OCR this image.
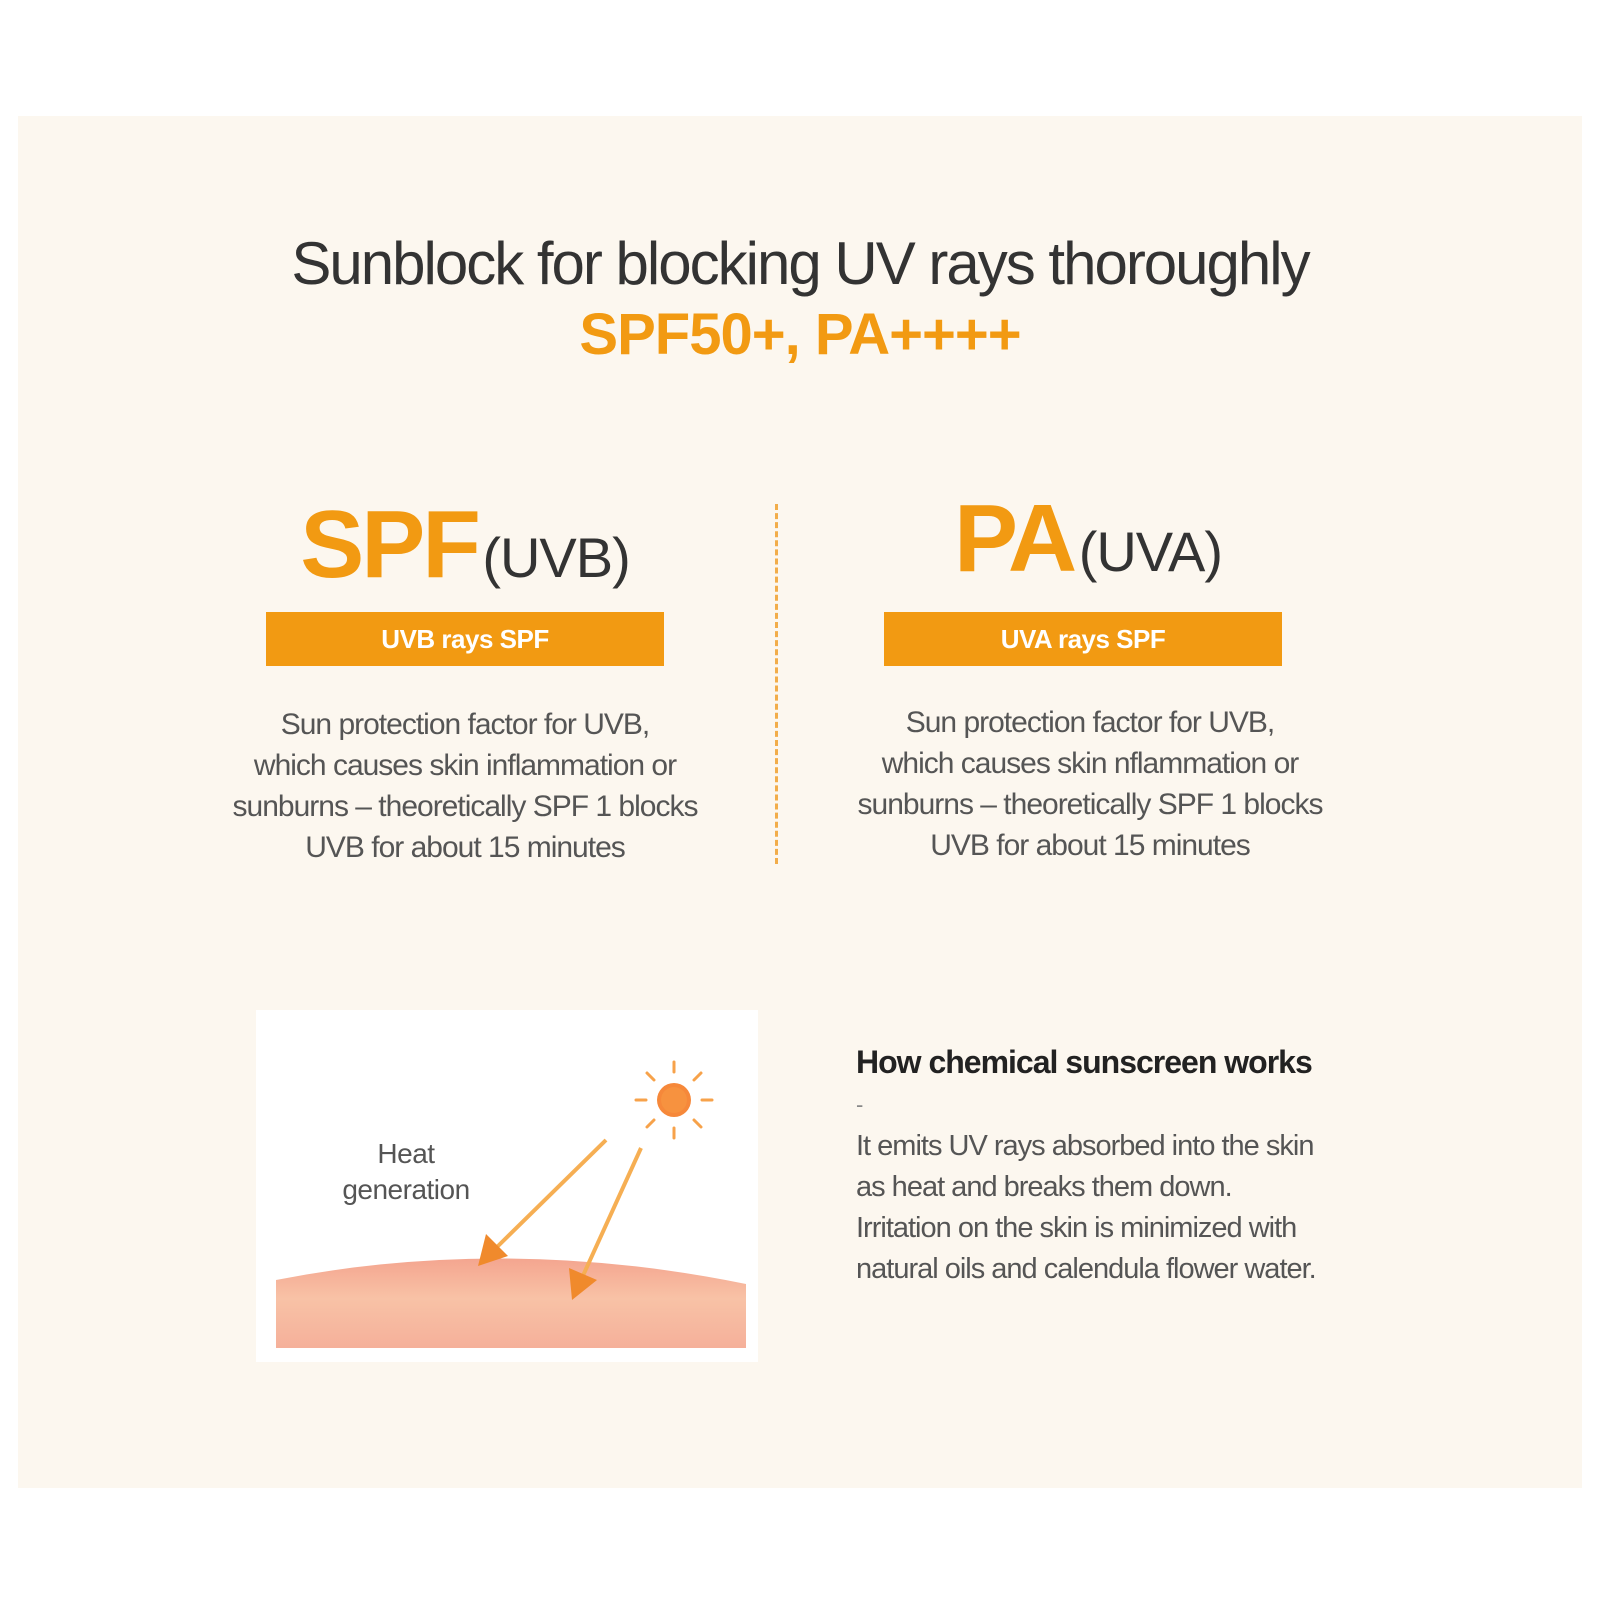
Sunblock for blocking UV rays thoroughly
SPF50+, PA++++
SPF (UVB)
UVB rays SPF
Sun protection factor for UVB,
which causes skin inflammation or
sunburns – theoretically SPF 1 blocks
UVB for about 15 minutes
PA (UVA)
UVA rays SPF
Sun protection factor for UVB,
which causes skin nflammation or
sunburns – theoretically SPF 1 blocks
UVB for about 15 minutes
Heat
generation
How chemical sunscreen works
-
It emits UV rays absorbed into the skin
as heat and breaks them down.
Irritation on the skin is minimized with
natural oils and calendula flower water.
